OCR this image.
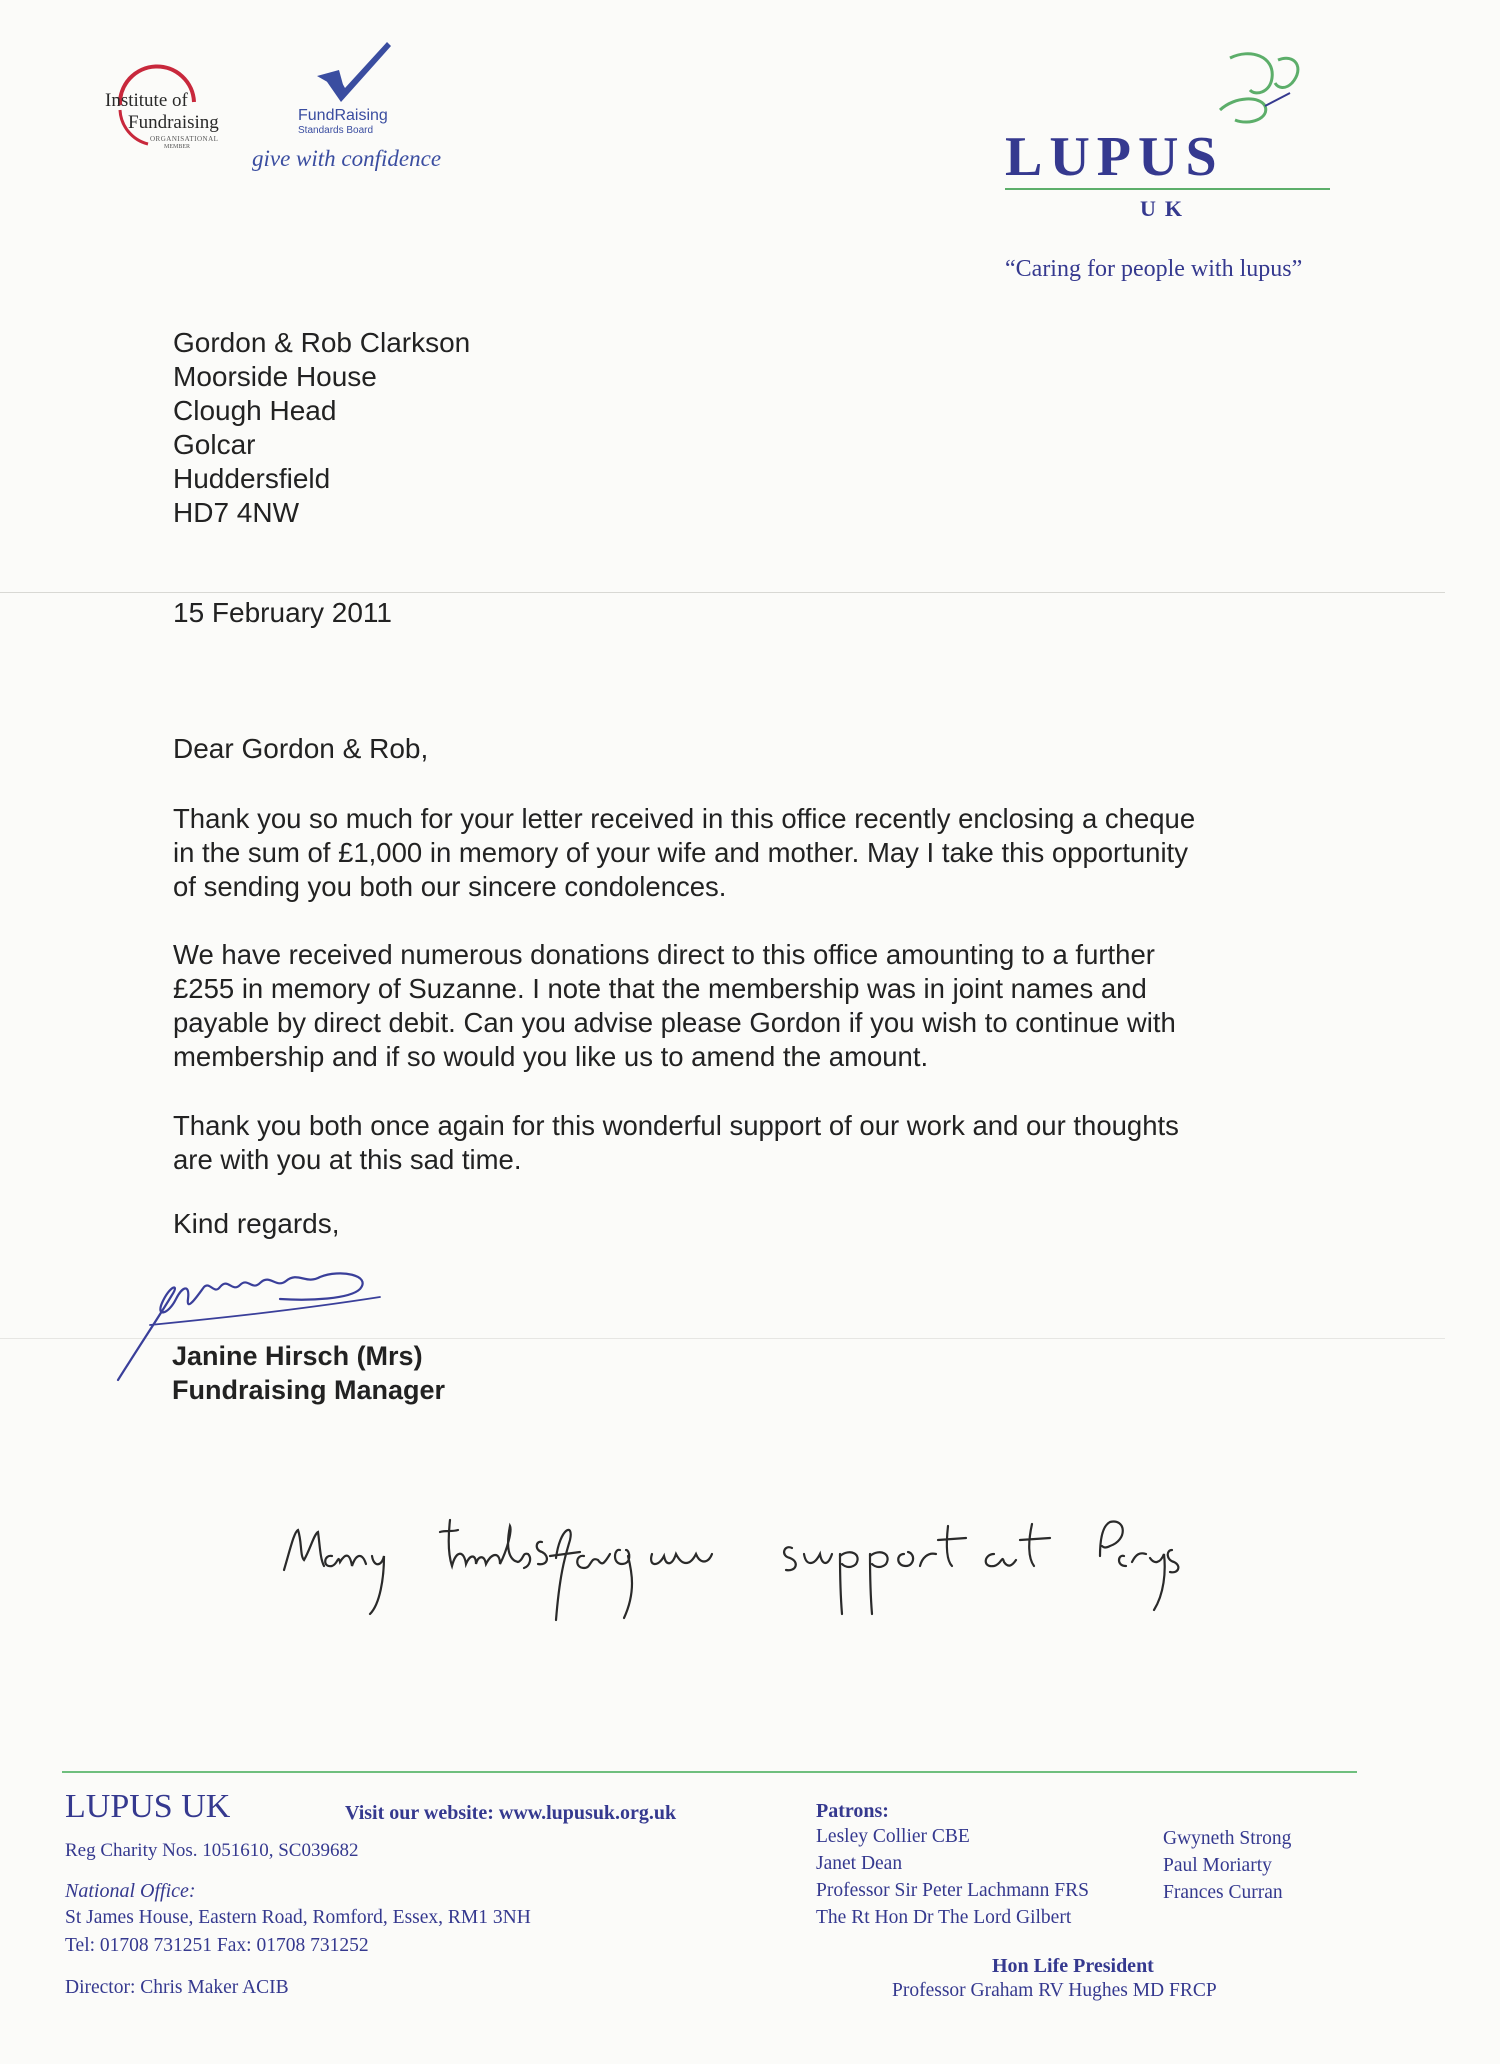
Institute of
Fundraising
ORGANISATIONAL
MEMBER
FundRaising
Standards Board
give with confidence	LUPUS
UK
“Caring for people with lupus”
Gordon & Rob Clarkson
Moorside House
Clough Head
Golcar
Huddersfield
HD7 4NW
15 February 2011
Dear Gordon & Rob,
Thank you so much for your letter received in this office recently enclosing a cheque
in the sum of £1,000 in memory of your wife and mother. May I take this opportunity
of sending you both our sincere condolences.
We have received numerous donations direct to this office amounting to a further
£255 in memory of Suzanne. I note that the membership was in joint names and
payable by direct debit. Can you advise please Gordon if you wish to continue with
membership and if so would you like us to amend the amount.
Thank you both once again for this wonderful support of our work and our thoughts
are with you at this sad time.
Kind regards,
Janine Hirsch (Mrs)
Fundraising Manager
LUPUS UK	Visit our website: www.lupusuk.org.uk
Reg Charity Nos. 1051610, SC039682
National Office:
St James House, Eastern Road, Romford, Essex, RM1 3NH
Tel: 01708 731251 Fax: 01708 731252
Director: Chris Maker ACIB
Patrons:
Lesley Collier CBE
Janet Dean
Professor Sir Peter Lachmann FRS
The Rt Hon Dr The Lord Gilbert
Gwyneth Strong
Paul Moriarty
Frances Curran
Hon Life President
Professor Graham RV Hughes MD FRCP
